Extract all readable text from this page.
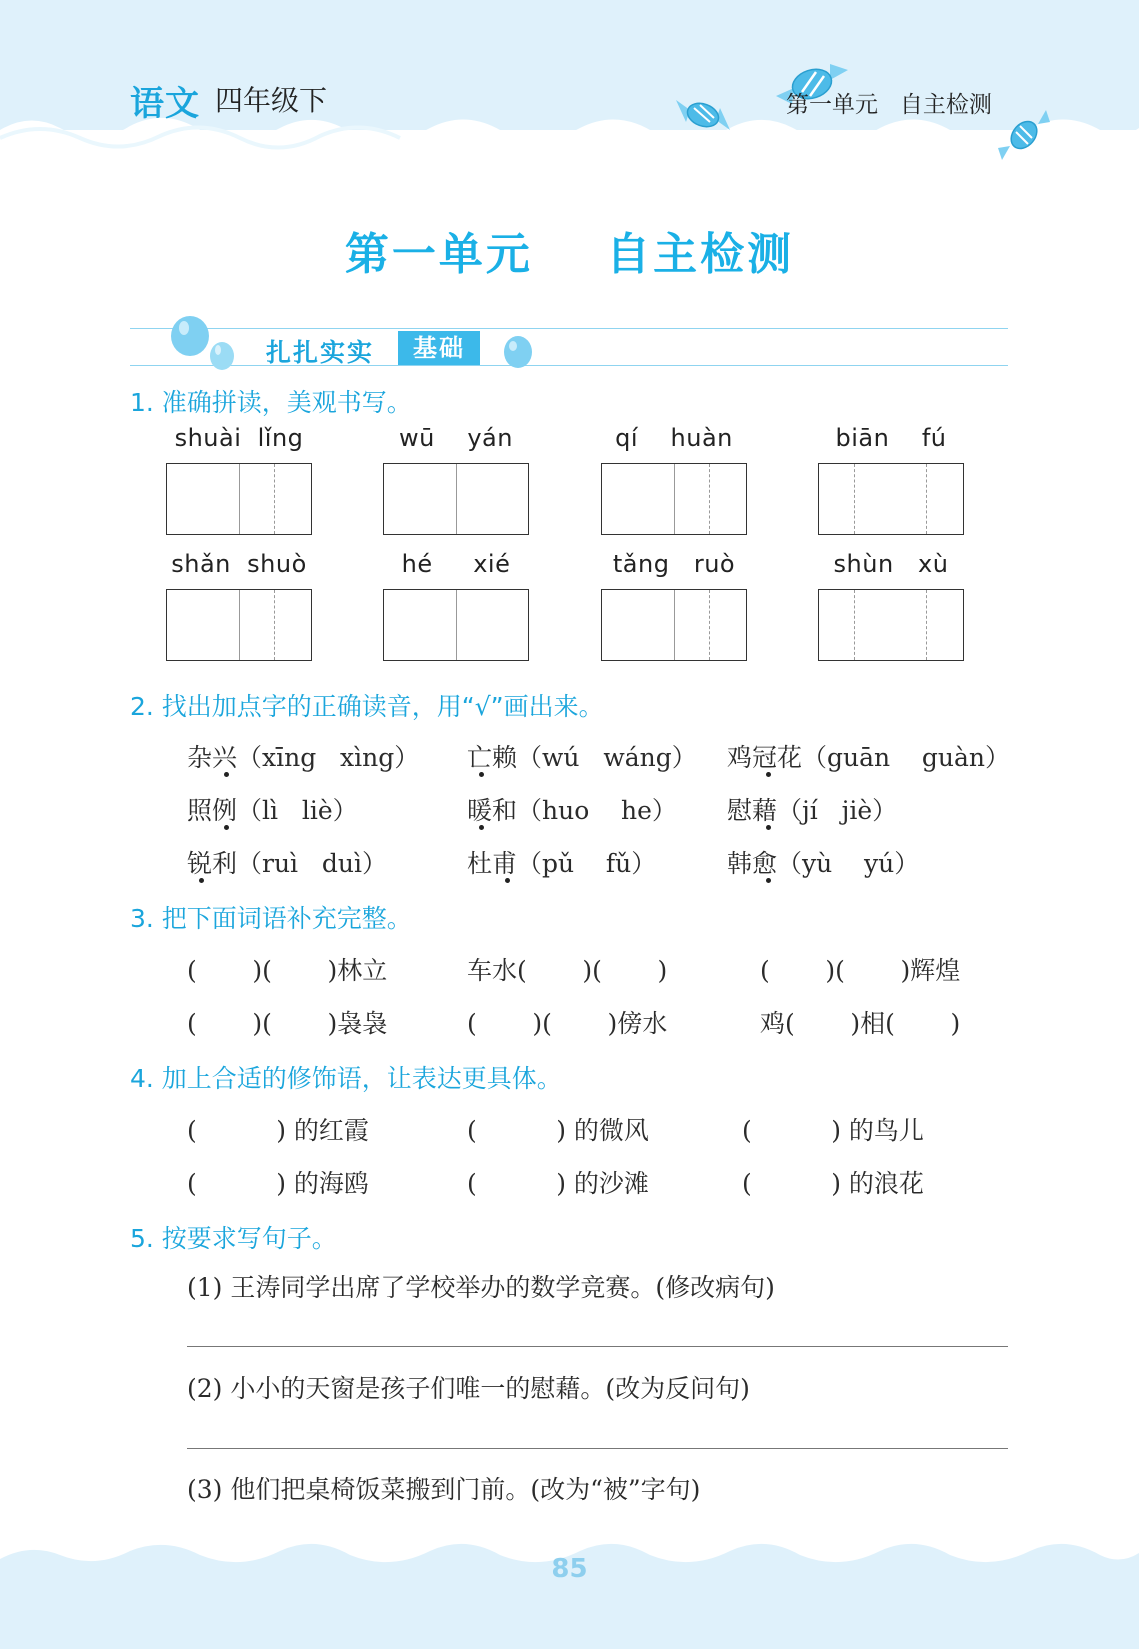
语文 四年级下	第一单元   自主检测
第一单元    自主检测
扎扎实实	基础
1. 准确拼读，美观书写。
shuài  lǐng	wū    yán	qí    huàn	biān    fú
shǎn  shuò	hé     xié	tǎng   ruò	shùn   xù
2. 找出加点字的正确读音，用“√”画出来。
杂兴（xīng   xìng） 亡赖（wú   wáng） 鸡冠花（guān    guàn）
照例（lì   liè）	暖和（huo    he） 慰藉（jí   jiè）
锐利（ruì   duì）	杜甫（pǔ    fǔ）	韩愈（yù    yú）
3. 把下面词语补充完整。
(       )(       )林立	车水(       )(       )	(       )(       )辉煌
(       )(       )袅袅	(       )(       )傍水	鸡(       )相(       )
4. 加上合适的修饰语，让表达更具体。
(          ) 的红霞	(          ) 的微风	(          ) 的鸟儿
(          ) 的海鸥	(          ) 的沙滩	(          ) 的浪花
5. 按要求写句子。
(1) 王涛同学出席了学校举办的数学竞赛。(修改病句)
(2) 小小的天窗是孩子们唯一的慰藉。(改为反问句)
(3) 他们把桌椅饭菜搬到门前。(改为“被”字句)
85
